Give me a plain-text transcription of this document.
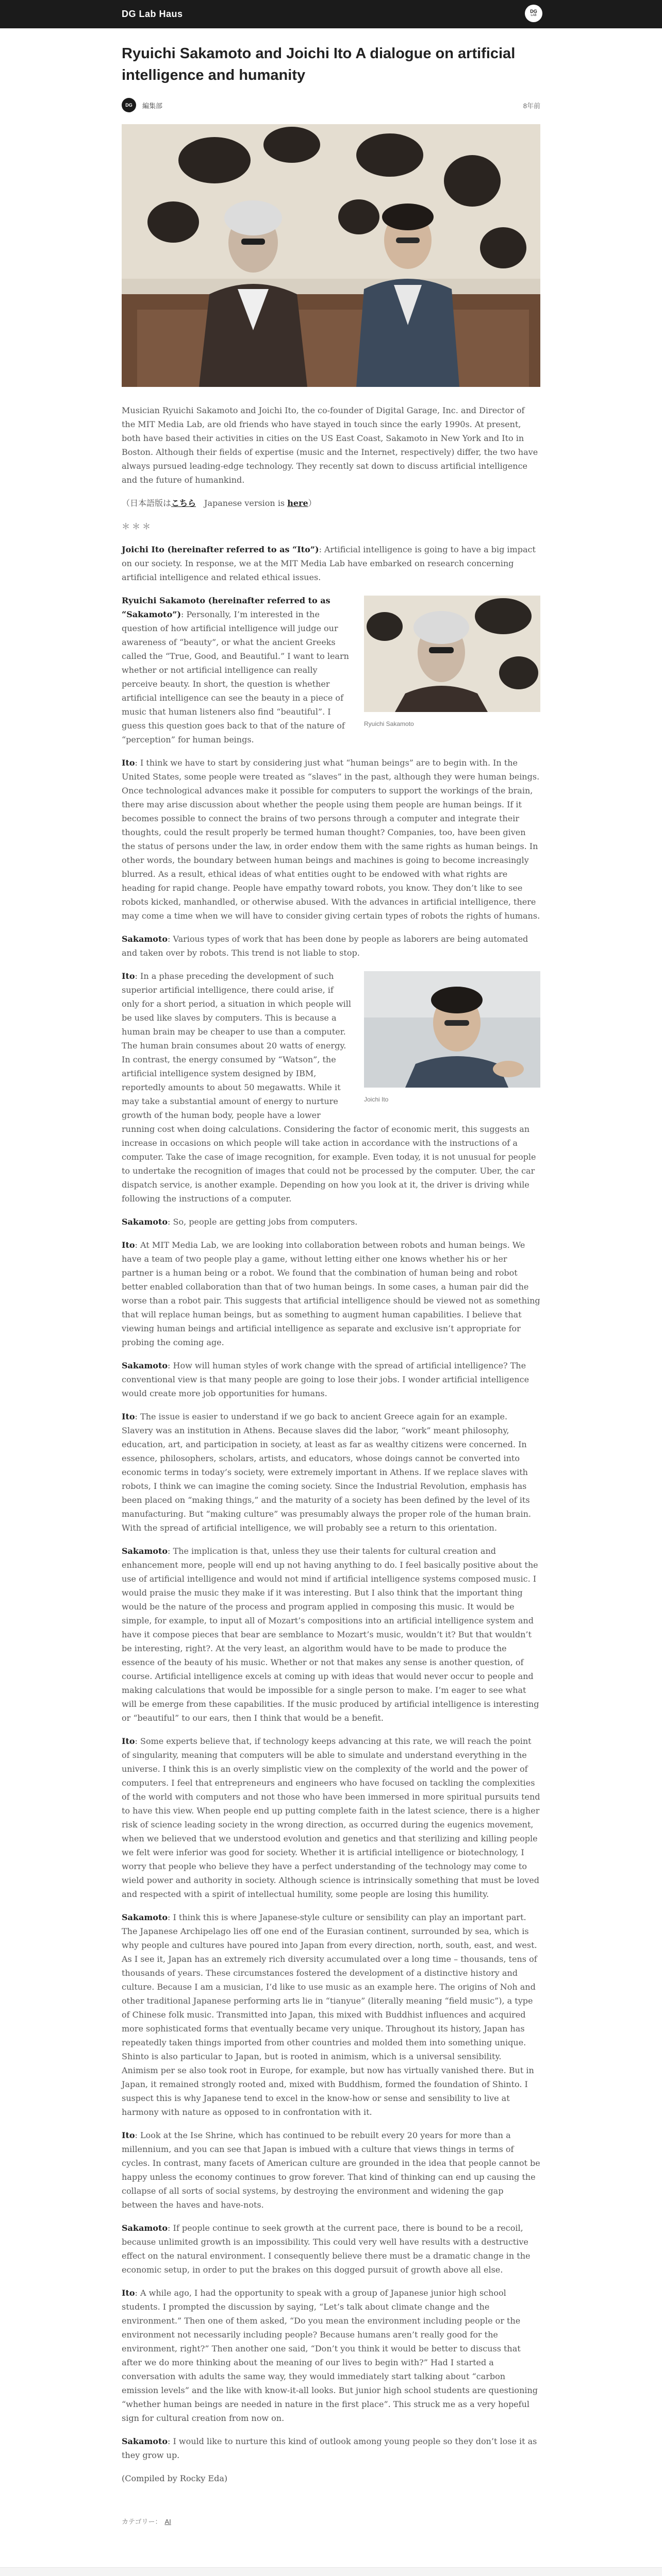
DG Lab Haus	DG
LAB
Ryuichi Sakamoto and Joichi Ito A dialogue on artificial intelligence and humanity
DG	編集部	8年前

Musician Ryuichi Sakamoto and Joichi Ito, the co-founder of Digital Garage, Inc. and Director of the MIT Media Lab, are old friends who have stayed in touch since the early 1990s. At present, both have based their activities in cities on the US East Coast, Sakamoto in New York and Ito in Boston. Although their fields of expertise (music and the Internet, respectively) differ, the two have always pursued leading-edge technology. They recently sat down to discuss artificial intelligence and the future of humankind.

（日本語版はこちら　Japanese version is here）

＊＊＊

Joichi Ito (hereinafter referred to as “Ito”): Artificial intelligence is going to have a big impact on our society. In response, we at the MIT Media Lab have embarked on research concerning artificial intelligence and related ethical issues.

Ryuichi Sakamoto

Ryuichi Sakamoto (hereinafter referred to as “Sakamoto”): Personally, I’m interested in the question of how artificial intelligence will judge our awareness of “beauty”, or what the ancient Greeks called the “True, Good, and Beautiful.” I want to learn whether or not artificial intelligence can really perceive beauty. In short, the question is whether artificial intelligence can see the beauty in a piece of music that human listeners also find “beautiful”. I guess this question goes back to that of the nature of “perception” for human beings.

Ito: I think we have to start by considering just what “human beings” are to begin with. In the United States, some people were treated as “slaves” in the past, although they were human beings. Once technological advances make it possible for computers to support the workings of the brain, there may arise discussion about whether the people using them people are human beings. If it becomes possible to connect the brains of two persons through a computer and integrate their thoughts, could the result properly be termed human thought? Companies, too, have been given the status of persons under the law, in order endow them with the same rights as human beings. In other words, the boundary between human beings and machines is going to become increasingly blurred. As a result, ethical ideas of what entities ought to be endowed with what rights are heading for rapid change. People have empathy toward robots, you know. They don’t like to see robots kicked, manhandled, or otherwise abused. With the advances in artificial intelligence, there may come a time when we will have to consider giving certain types of robots the rights of humans.

Sakamoto: Various types of work that has been done by people as laborers are being automated and taken over by robots. This trend is not liable to stop.

Joichi Ito

Ito: In a phase preceding the development of such superior artificial intelligence, there could arise, if only for a short period, a situation in which people will be used like slaves by computers. This is because a human brain may be cheaper to use than a computer. The human brain consumes about 20 watts of energy. In contrast, the energy consumed by “Watson”, the artificial intelligence system designed by IBM, reportedly amounts to about 50 megawatts. While it may take a substantial amount of energy to nurture growth of the human body, people have a lower running cost when doing calculations. Considering the factor of economic merit, this suggests an increase in occasions on which people will take action in accordance with the instructions of a computer. Take the case of image recognition, for example. Even today, it is not unusual for people to undertake the recognition of images that could not be processed by the computer. Uber, the car dispatch service, is another example. Depending on how you look at it, the driver is driving while following the instructions of a computer.

Sakamoto: So, people are getting jobs from computers.

Ito: At MIT Media Lab, we are looking into collaboration between robots and human beings. We have a team of two people play a game, without letting either one knows whether his or her partner is a human being or a robot. We found that the combination of human being and robot better enabled collaboration than that of two human beings. In some cases, a human pair did the worse than a robot pair. This suggests that artificial intelligence should be viewed not as something that will replace human beings, but as something to augment human capabilities. I believe that viewing human beings and artificial intelligence as separate and exclusive isn’t appropriate for probing the coming age.

Sakamoto: How will human styles of work change with the spread of artificial intelligence? The conventional view is that many people are going to lose their jobs. I wonder artificial intelligence would create more job opportunities for humans.

Ito: The issue is easier to understand if we go back to ancient Greece again for an example. Slavery was an institution in Athens. Because slaves did the labor, “work” meant philosophy, education, art, and participation in society, at least as far as wealthy citizens were concerned. In essence, philosophers, scholars, artists, and educators, whose doings cannot be converted into economic terms in today’s society, were extremely important in Athens. If we replace slaves with robots, I think we can imagine the coming society. Since the Industrial Revolution, emphasis has been placed on “making things,” and the maturity of a society has been defined by the level of its manufacturing. But “making culture” was presumably always the proper role of the human brain. With the spread of artificial intelligence, we will probably see a return to this orientation.

Sakamoto: The implication is that, unless they use their talents for cultural creation and enhancement more, people will end up not having anything to do. I feel basically positive about the use of artificial intelligence and would not mind if artificial intelligence systems composed music. I would praise the music they make if it was interesting. But I also think that the important thing would be the nature of the process and program applied in composing this music. It would be simple, for example, to input all of Mozart’s compositions into an artificial intelligence system and have it compose pieces that bear are semblance to Mozart’s music, wouldn’t it? But that wouldn’t be interesting, right?. At the very least, an algorithm would have to be made to produce the essence of the beauty of his music. Whether or not that makes any sense is another question, of course. Artificial intelligence excels at coming up with ideas that would never occur to people and making calculations that would be impossible for a single person to make. I’m eager to see what will be emerge from these capabilities. If the music produced by artificial intelligence is interesting or “beautiful” to our ears, then I think that would be a benefit.

Ito: Some experts believe that, if technology keeps advancing at this rate, we will reach the point of singularity, meaning that computers will be able to simulate and understand everything in the universe. I think this is an overly simplistic view on the complexity of the world and the power of computers. I feel that entrepreneurs and engineers who have focused on tackling the complexities of the world with computers and not those who have been immersed in more spiritual pursuits tend to have this view. When people end up putting complete faith in the latest science, there is a higher risk of science leading society in the wrong direction, as occurred during the eugenics movement, when we believed that we understood evolution and genetics and that sterilizing and killing people we felt were inferior was good for society. Whether it is artificial intelligence or biotechnology, I worry that people who believe they have a perfect understanding of the technology may come to wield power and authority in society. Although science is intrinsically something that must be loved and respected with a spirit of intellectual humility, some people are losing this humility.

Sakamoto: I think this is where Japanese-style culture or sensibility can play an important part. The Japanese Archipelago lies off one end of the Eurasian continent, surrounded by sea, which is why people and cultures have poured into Japan from every direction, north, south, east, and west. As I see it, Japan has an extremely rich diversity accumulated over a long time – thousands, tens of thousands of years. These circumstances fostered the development of a distinctive history and culture. Because I am a musician, I’d like to use music as an example here. The origins of Noh and other traditional Japanese performing arts lie in “tianyue” (literally meaning “field music”), a type of Chinese folk music. Transmitted into Japan, this mixed with Buddhist influences and acquired more sophisticated forms that eventually became very unique. Throughout its history, Japan has repeatedly taken things imported from other countries and molded them into something unique. Shinto is also particular to Japan, but is rooted in animism, which is a universal sensibility. Animism per se also took root in Europe, for example, but now has virtually vanished there. But in Japan, it remained strongly rooted and, mixed with Buddhism, formed the foundation of Shinto. I suspect this is why Japanese tend to excel in the know-how or sense and sensibility to live at harmony with nature as opposed to in confrontation with it.

Ito: Look at the Ise Shrine, which has continued to be rebuilt every 20 years for more than a millennium, and you can see that Japan is imbued with a culture that views things in terms of cycles. In contrast, many facets of American culture are grounded in the idea that people cannot be happy unless the economy continues to grow forever. That kind of thinking can end up causing the collapse of all sorts of social systems, by destroying the environment and widening the gap between the haves and have-nots.

Sakamoto: If people continue to seek growth at the current pace, there is bound to be a recoil, because unlimited growth is an impossibility. This could very well have results with a destructive effect on the natural environment. I consequently believe there must be a dramatic change in the economic setup, in order to put the brakes on this dogged pursuit of growth above all else.

Ito: A while ago, I had the opportunity to speak with a group of Japanese junior high school students. I prompted the discussion by saying, “Let’s talk about climate change and the environment.” Then one of them asked, “Do you mean the environment including people or the environment not necessarily including people? Because humans aren’t really good for the environment, right?” Then another one said, “Don’t you think it would be better to discuss that after we do more thinking about the meaning of our lives to begin with?” Had I started a conversation with adults the same way, they would immediately start talking about “carbon emission levels” and the like with know-it-all looks. But junior high school students are questioning “whether human beings are needed in nature in the first place”. This struck me as a very hopeful sign for cultural creation from now on.

Sakamoto: I would like to nurture this kind of outlook among young people so they don’t lose it as they grow up.

(Compiled by Rocky Eda)

カテゴリー： AI
